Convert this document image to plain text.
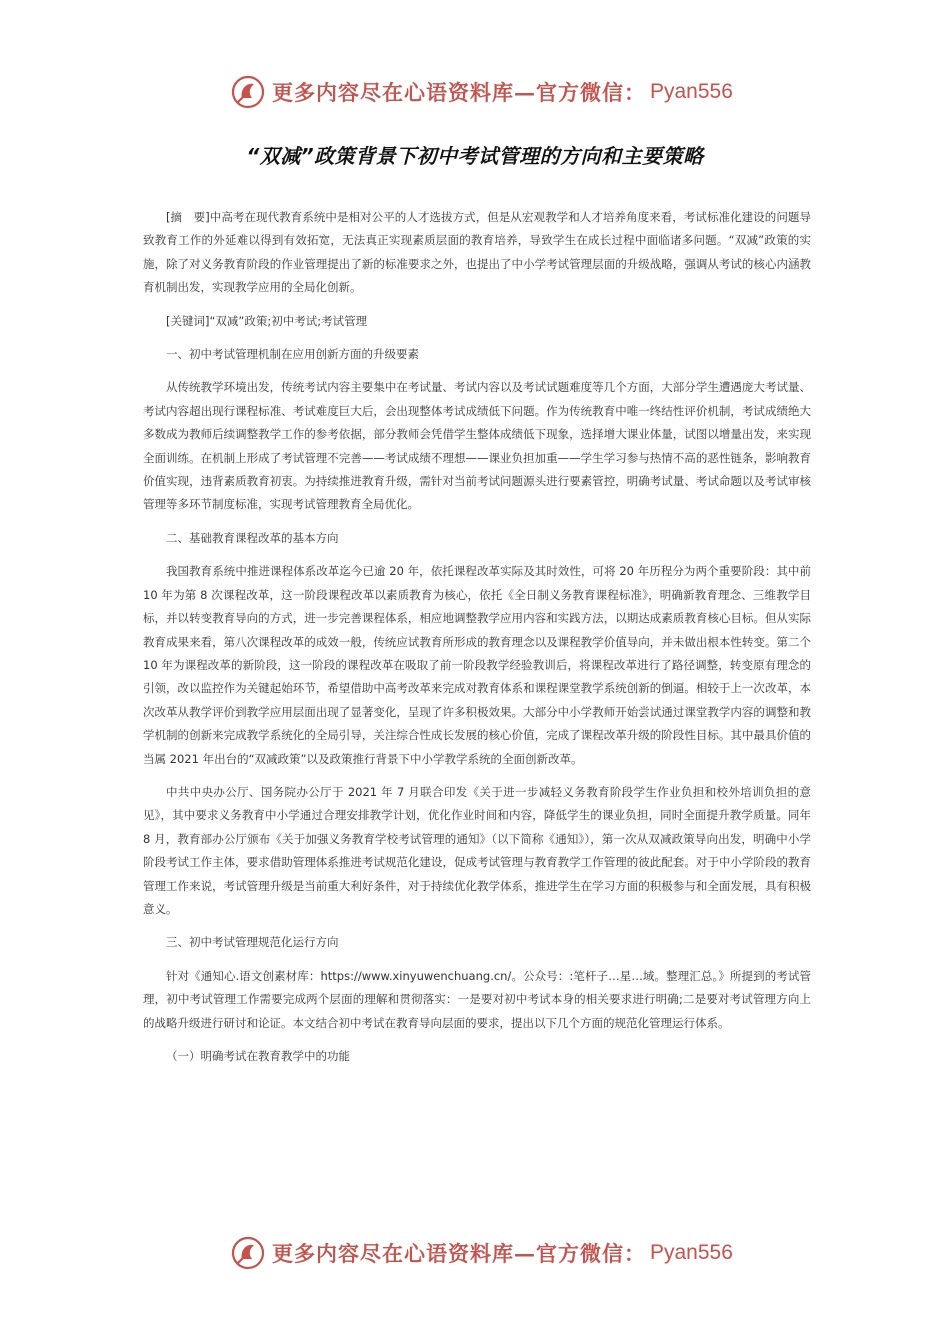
更多内容尽在心语资料库—官方微信： Pyan556
“双减”政策背景下初中考试管理的方向和主要策略

[摘　要]中高考在现代教育系统中是相对公平的人才选拔方式，但是从宏观教学和人才培养角度来看，考试标准化建设的问题导致教育工作的外延难以得到有效拓宽，无法真正实现素质层面的教育培养，导致学生在成长过程中面临诸多问题。“双减”政策的实施，除了对义务教育阶段的作业管理提出了新的标准要求之外，也提出了中小学考试管理层面的升级战略，强调从考试的核心内涵教育机制出发，实现教学应用的全局化创新。

[关键词]“双减”政策;初中考试;考试管理

一、初中考试管理机制在应用创新方面的升级要素

从传统教学环境出发，传统考试内容主要集中在考试量、考试内容以及考试试题难度等几个方面，大部分学生遭遇庞大考试量、考试内容超出现行课程标准、考试难度巨大后，会出现整体考试成绩低下问题。作为传统教育中唯一终结性评价机制，考试成绩绝大多数成为教师后续调整教学工作的参考依据，部分教师会凭借学生整体成绩低下现象，选择增大课业体量，试图以增量出发，来实现全面训练。在机制上形成了考试管理不完善——考试成绩不理想——课业负担加重——学生学习参与热情不高的恶性链条，影响教育价值实现，违背素质教育初衷。为持续推进教育升级，需针对当前考试问题源头进行要素管控，明确考试量、考试命题以及考试审核管理等多环节制度标准，实现考试管理教育全局优化。

二、基础教育课程改革的基本方向

我国教育系统中推进课程体系改革迄今已逾 20 年，依托课程改革实际及其时效性，可将 20 年历程分为两个重要阶段：其中前 10 年为第 8 次课程改革，这一阶段课程改革以素质教育为核心，依托《全日制义务教育课程标准》，明确新教育理念、三维教学目标，并以转变教育导向的方式，进一步完善课程体系，相应地调整教学应用内容和实践方法，以期达成素质教育核心目标。但从实际教育成果来看，第八次课程改革的成效一般，传统应试教育所形成的教育理念以及课程教学价值导向，并未做出根本性转变。第二个 10 年为课程改革的新阶段，这一阶段的课程改革在吸取了前一阶段教学经验教训后，将课程改革进行了路径调整，转变原有理念的引领，改以监控作为关键起始环节，希望借助中高考改革来完成对教育体系和课程课堂教学系统创新的倒逼。相较于上一次改革，本次改革从教学评价到教学应用层面出现了显著变化，呈现了许多积极效果。大部分中小学教师开始尝试通过课堂教学内容的调整和教学机制的创新来完成教学系统化的全局引导，关注综合性成长发展的核心价值，完成了课程改革升级的阶段性目标。其中最具价值的当属 2021 年出台的“双减政策”以及政策推行背景下中小学教学系统的全面创新改革。

中共中央办公厅、国务院办公厅于 2021 年 7 月联合印发《关于进一步减轻义务教育阶段学生作业负担和校外培训负担的意见》，其中要求义务教育中小学通过合理安排教学计划，优化作业时间和内容，降低学生的课业负担，同时全面提升教学质量。同年 8 月，教育部办公厅颁布《关于加强义务教育学校考试管理的通知》（以下简称《通知》），第一次从双减政策导向出发，明确中小学阶段考试工作主体，要求借助管理体系推进考试规范化建设，促成考试管理与教育教学工作管理的彼此配套。对于中小学阶段的教育管理工作来说，考试管理升级是当前重大利好条件，对于持续优化教学体系，推进学生在学习方面的积极参与和全面发展，具有积极意义。

三、初中考试管理规范化运行方向

针对《通知心.语文创素材库：https://www.xinyuwenchuang.cn/。公众号：:笔杆子…星…域。整理汇总。》所提到的考试管理，初中考试管理工作需要完成两个层面的理解和贯彻落实：一是要对初中考试本身的相关要求进行明确;二是要对考试管理方向上的战略升级进行研讨和论证。本文结合初中考试在教育导向层面的要求，提出以下几个方面的规范化管理运行体系。

（一）明确考试在教育教学中的功能

更多内容尽在心语资料库—官方微信： Pyan556
